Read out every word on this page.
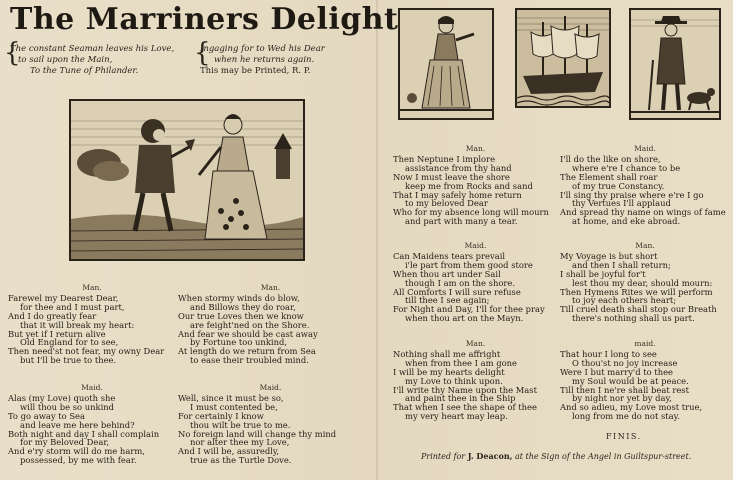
The Marriners Delight
{
The constant Seaman leaves his Love,
to sail upon the Main,
To the Tune of Philander.
{
Ingaging for to Wed his Dear
when he returns again.
This may be Printed, R. P.
Man.
Farewel my Dearest Dear,
for thee and I must part,
And I do greatly fear
that it will break my heart:
But yet if I return alive
Old England for to see,
Then need'st not fear, my owny Dear
but I'll be true to thee.
Man.
When stormy winds do blow,
and Billows they do roar,
Our true Loves then we know
are feight'ned on the Shore.
And fear we should be cast away
by Fortune too unkind,
At length do we return from Sea
to ease their troubled mind.
Maid.
Alas (my Love) quoth she
will thou be so unkind
To go away to Sea
and leave me here behind?
Both night and day I shall complain
for my Beloved Dear,
And e'ry storm will do me harm,
possessed, by me with fear.
Maid.
Well, since it must be so,
I must contented be,
For certainly I know
thou wilt be true to me.
No foreign land will change thy mind
nor alter thee my Love,
And I will be, assuredly,
true as the Turtle Dove.
Man.
Then Neptune I implore
assistance from thy hand
Now I must leave the shore
keep me from Rocks and sand
That I may safely home return
to my beloved Dear
Who for my absence long will mourn
and part with many a tear.
Maid.
I'll do the like on shore,
where e're I chance to be
The Element shall roar
of my true Constancy.
I'll sing thy praise where e're I go
thy Vertues I'll applaud
And spread thy name on wings of fame
at home, and eke abroad.
Maid.
Can Maidens tears prevail
i'le part from them good store
When thou art under Sail
though I am on the shore.
All Comforts I will sure refuse
till thee I see again;
For Night and Day, I'll for thee pray
when thou art on the Mayn.
Man.
My Voyage is but short
and then I shall return;
I shall be joyful for't
lest thou my dear, should mourn:
Then Hymens Rites we will perform
to joy each others heart;
Till cruel death shall stop our Breath
there's nothing shall us part.
Man.
Nothing shall me affright
when from thee I am gone
I will be my hearts delight
my Love to think upon.
I'll write thy Name upon the Mast
and paint thee in the Ship
That when I see the shape of thee
my very heart may leap.
maid.
That hour I long to see
O thou'st no joy increase
Were I but marry'd to thee
my Soul would be at peace.
Till then I ne're shall beat rest
by night nor yet by day,
And so adieu, my Love most true,
long from me do not stay.
FINIS.
Printed for J. Deacon, at the Sign of the Angel in Guiltspur-street.
